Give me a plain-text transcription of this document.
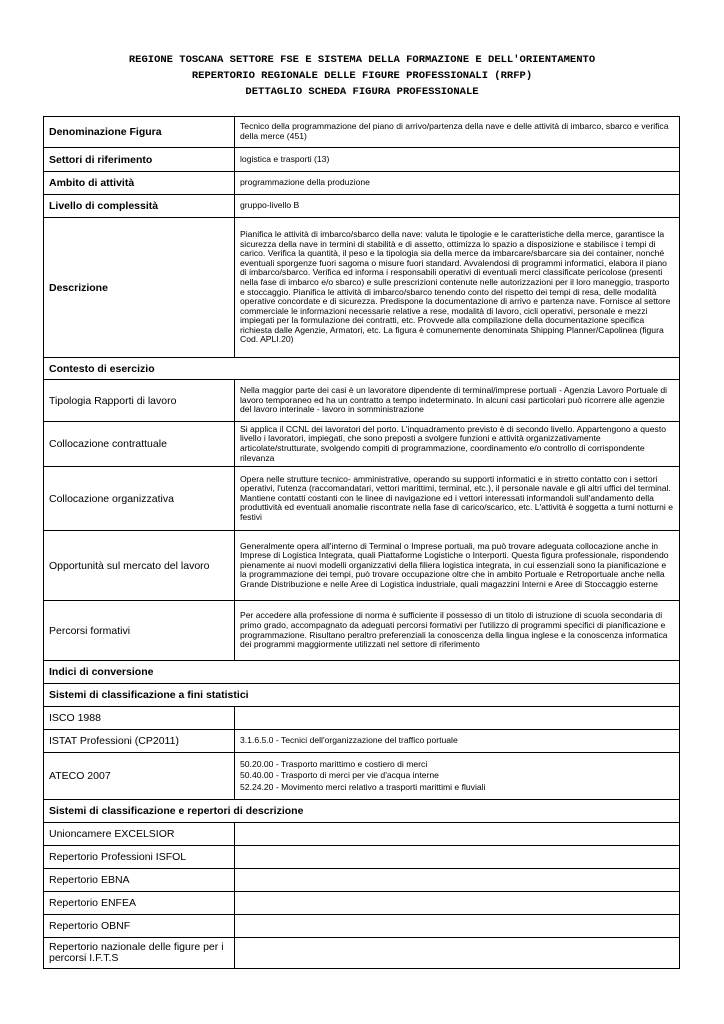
REGIONE TOSCANA SETTORE FSE E SISTEMA DELLA FORMAZIONE E DELL'ORIENTAMENTO
REPERTORIO REGIONALE DELLE FIGURE PROFESSIONALI (RRFP)
DETTAGLIO SCHEDA FIGURA PROFESSIONALE
Denominazione Figura	Tecnico della programmazione del piano di arrivo/partenza della nave e delle attività di imbarco, sbarco e verifica della merce (451)
Settori di riferimento	logistica e trasporti (13)
Ambito di attività	programmazione della produzione
Livello di complessità	gruppo-livello B
Descrizione	Pianifica le attività di imbarco/sbarco della nave: valuta le tipologie e le caratteristiche della merce, garantisce la sicurezza della nave in termini di stabilità e di assetto, ottimizza lo spazio a disposizione e stabilisce i tempi di carico. Verifica la quantità, il peso e la tipologia sia della merce da imbarcare/sbarcare sia dei container, nonché eventuali sporgenze fuori sagoma o misure fuori standard. Avvalendosi di programmi informatici, elabora il piano di imbarco/sbarco. Verifica ed informa i responsabili operativi di eventuali merci classificate pericolose (presenti nella fase di imbarco e/o sbarco) e sulle prescrizioni contenute nelle autorizzazioni per il loro maneggio, trasporto e stoccaggio. Pianifica le attività di imbarco/sbarco tenendo conto del rispetto dei tempi di resa, delle modalità operative concordate e di sicurezza. Predispone la documentazione di arrivo e partenza nave. Fornisce al settore commerciale le informazioni necessarie relative a rese, modalità di lavoro, cicli operativi, personale e mezzi impiegati per la formulazione dei contratti, etc. Provvede alla compilazione della documentazione specifica richiesta dalle Agenzie, Armatori, etc. La figura è comunemente denominata Shipping Planner/Capolinea (figura Cod. APLI.20)
Contesto di esercizio	
Tipologia Rapporti di lavoro	Nella maggior parte dei casi è un lavoratore dipendente di terminal/imprese portuali - Agenzia Lavoro Portuale di lavoro temporaneo ed ha un contratto a tempo indeterminato. In alcuni casi particolari può ricorrere alle agenzie del lavoro interinale - lavoro in somministrazione
Collocazione contrattuale	Si applica il CCNL dei lavoratori del porto. L'inquadramento previsto è di secondo livello. Appartengono a questo livello i lavoratori, impiegati, che sono preposti a svolgere funzioni e attività organizzativamente articolate/strutturate, svolgendo compiti di programmazione, coordinamento e/o controllo di corrispondente rilevanza
Collocazione organizzativa	Opera nelle strutture tecnico- amministrative, operando su supporti informatici e in stretto contatto con i settori operativi, l'utenza (raccomandatari, vettori marittimi, terminal, etc.), il personale navale e gli altri uffici del terminal. Mantiene contatti costanti con le linee di navigazione ed i vettori interessati informandoli sull'andamento della produttività ed eventuali anomalie riscontrate nella fase di carico/scarico, etc. L'attività è soggetta a turni notturni e festivi
Opportunità sul mercato del lavoro	Generalmente opera all'interno di Terminal o Imprese portuali, ma può trovare adeguata collocazione anche in Imprese di Logistica Integrata, quali Piattaforme Logistiche o Interporti. Questa figura professionale, rispondendo pienamente ai nuovi modelli organizzativi della filiera logistica integrata, in cui essenziali sono la pianificazione e la programmazione dei tempi, può trovare occupazione oltre che in ambito Portuale e Retroportuale anche nella Grande Distribuzione e nelle Aree di Logistica industriale, quali magazzini Interni e Aree di Stoccaggio esterne
Percorsi formativi	Per accedere alla professione di norma è sufficiente il possesso di un titolo di istruzione di scuola secondaria di primo grado, accompagnato da adeguati percorsi formativi per l'utilizzo di programmi specifici di pianificazione e programmazione. Risultano peraltro preferenziali la conoscenza della lingua inglese e la conoscenza informatica dei programmi maggiormente utilizzati nel settore di riferimento
Indici di conversione	
Sistemi di classificazione a fini statistici	
ISCO 1988	
ISTAT Professioni (CP2011)	3.1.6.5.0 - Tecnici dell'organizzazione del traffico portuale
ATECO 2007	50.20.00 - Trasporto marittimo e costiero di merci
50.40.00 - Trasporto di merci per vie d'acqua interne
52.24.20 - Movimento merci relativo a trasporti marittimi e fluviali

Sistemi di classificazione e repertori di descrizione	
Unioncamere EXCELSIOR	
Repertorio Professioni ISFOL	
Repertorio EBNA	
Repertorio ENFEA	
Repertorio OBNF	
Repertorio nazionale delle figure per i percorsi I.F.T.S	
